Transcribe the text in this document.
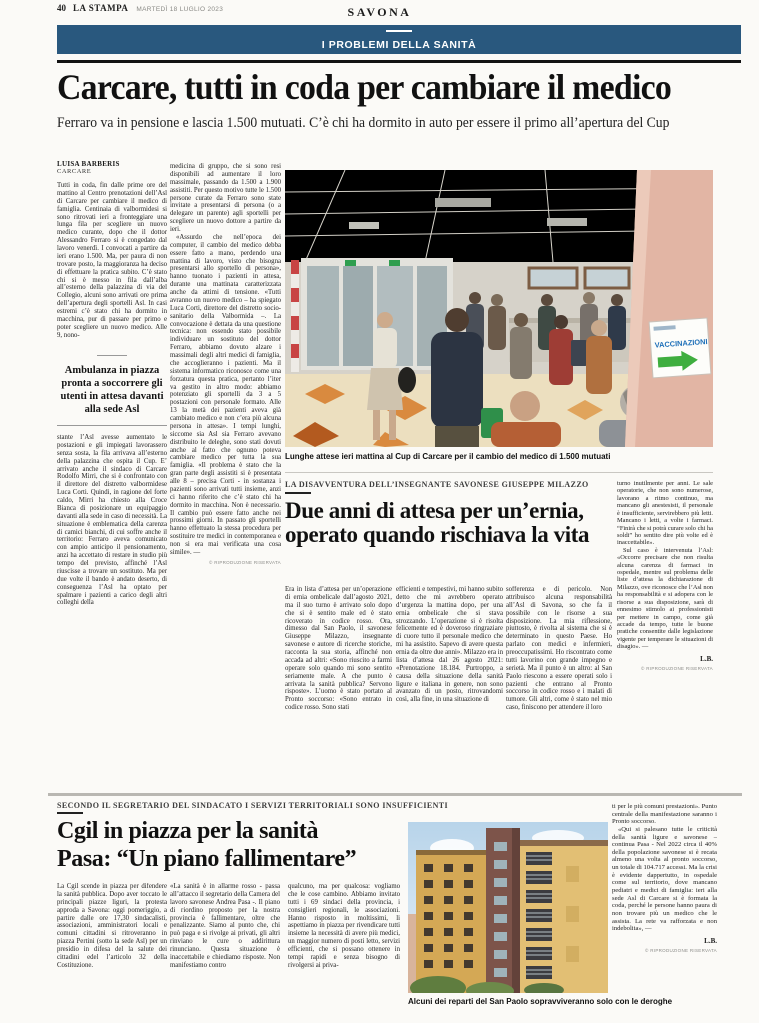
40 LA STAMPA MARTEDÌ 18 LUGLIO 2023	SAVONA
I PROBLEMI DELLA SANITÀ
Carcare, tutti in coda per cambiare il medico
Ferraro va in pensione e lascia 1.500 mutuati. C’è chi ha dormito in auto per essere il primo all’apertura del Cup
LUISA BARBERIS
CARCARE
Tutti in coda, fin dalle prime ore del mattino al Centro prenotazioni dell’Asl di Carcare per cambiare il medico di famiglia. Centinaia di valbormidesi si sono ritrovati ieri a fronteggiare una lunga fila per scegliere un nuovo medico curante, dopo che il dottor Alessandro Ferraro si è congedato dal lavoro venerdì. I convocati a partire da ieri erano 1.500. Ma, per paura di non trovare posto, la maggioranza ha deciso di effettuare la pratica subito. C’è stato chi si è messo in fila dall’alba all’esterno della palazzina di via del Collegio, alcuni sono arrivati ore prima dell’apertura degli sportelli Asl. In casi estremi c’è stato chi ha dormito in macchina, pur di passare per primo e poter scegliere un nuovo medico. Alle 9, nono-
Ambulanza in piazza pronta a soccorrere gli utenti in attesa davanti alla sede Asl
stante l’Asl avesse aumentato le postazioni e gli impiegati lavorassero senza sosta, la fila arrivava all’esterno della palazzina che ospita il Cup. E’ arrivato anche il sindaco di Carcare Rodolfo Mirri, che si è confrontato con il direttore del distretto valbormidese Luca Corti. Quindi, in ragione del forte caldo, Mirri ha chiesto alla Croce Bianca di posizionare un equipaggio davanti alla sede in caso di necessità. La situazione è emblematica della carenza di camici bianchi, di cui soffre anche il territorio: Ferraro aveva comunicato con ampio anticipo il pensionamento, anzi ha accettato di restare in studio più tempo del previsto, affinché l’Asl riuscisse a trovare un sostituto. Ma per due volte il bando è andato deserto, di conseguenza l’Asl ha optato per spalmare i pazienti a carico degli altri colleghi della
medicina di gruppo, che si sono resi disponibili ad aumentare il loro massimale, passando da 1.500 a 1.900 assistiti. Per questo motivo tutte le 1.500 persone curate da Ferraro sono state invitate a presentarsi di persona (o a delegare un parente) agli sportelli per scegliere un nuovo dottore a partire da ieri.
«Assurdo che nell’epoca dei computer, il cambio del medico debba essere fatto a mano, perdendo una mattina di lavoro, visto che bisogna presentarsi allo sportello di persona», hanno tuonato i pazienti in attesa, durante una mattinata caratterizzata anche da attimi di tensione. «Tutti avranno un nuovo medico – ha spiegato Luca Corti, direttore del distretto socio-sanitario della Valbormida –. La convocazione è dettata da una questione tecnica: non essendo stato possibile individuare un sostituto del dottor Ferraro, abbiamo dovuto alzare i massimali degli altri medici di famiglia, che accoglieranno i pazienti. Ma il sistema informatico riconosce come una forzatura questa pratica, pertanto l’iter va gestito in altro modo: abbiamo potenziato gli sportelli da 3 a 5 postazioni con personale formato. Alle 13 la metà dei pazienti aveva già cambiato medico e non c’era più alcuna persona in attesa». I tempi lunghi, siccome sia Asl sia Ferraro avevano distribuito le deleghe, sono stati dovuti anche al fatto che ognuno poteva cambiare medico per tutta la sua famiglia. «Il problema è stato che la gran parte degli assistiti si è presentata alle 8 – precisa Corti - in sostanza i pazienti sono arrivati tutti insieme, anzi ci hanno riferito che c’è stato chi ha dormito in macchina. Non è necessario. Il cambio può essere fatto anche nei prossimi giorni. In passato gli sportelli hanno effettuato la stessa procedura per sostituire tre medici in contemporanea e non si era mai verificata una cosa simile». —
© RIPRODUZIONE RISERVATA
VACCINAZIONI
Lunghe attese ieri mattina al Cup di Carcare per il cambio del medico di 1.500 mutuati
LA DISAVVENTURA DELL’INSEGNANTE SAVONESE GIUSEPPE MILAZZO
Due anni di attesa per un’ernia,
operato quando rischiava la vita
Era in lista d’attesa per un’operazione di ernia ombelicale dall’agosto 2021, ma il suo turno è arrivato solo dopo che si è sentito male ed è stato ricoverato in codice rosso. Ora, dimesso dal San Paolo, il savonese Giuseppe Milazzo, insegnante savonese e autore di ricerche storiche, racconta la sua storia, affinché non accada ad altri: «Sono riuscito a farmi operare solo quando mi sono sentito seriamente male. A che punto è arrivata la sanità pubblica? Servono risposte». L’uomo è stato portato al Pronto soccorso: «Sono entrato in codice rosso. Sono stati
efficienti e tempestivi, mi hanno subito detto che mi avrebbero operato d’urgenza la mattina dopo, per una ernia ombelicale che si stava strozzando. L’operazione si è risolta felicemente ed è doveroso ringraziare di cuore tutto il personale medico che mi ha assistito. Sapevo di avere questa ernia da oltre due anni». Milazzo era in lista d’attesa dal 26 agosto 2021: «Prenotazione 18.184. Purtroppo, a causa della situazione della sanità ligure e italiana in genere, non sono avanzato di un posto, ritrovandomi così, alla fine, in una situazione di
sofferenza e di pericolo. Non attribuisco alcuna responsabilità all’Asl di Savona, so che fa il possibile con le risorse a sua disposizione. La mia riflessione, piuttosto, è rivolta al sistema che si è determinato in questo Paese. Ho parlato con medici e infermieri, preoccupatissimi. Ho riscontrato come tutti lavorino con grande impegno e serietà. Ma il punto è un altro: al San Paolo riescono a essere operati solo i pazienti che entrano al Pronto soccorso in codice rosso e i malati di tumore. Gli altri, come è stato nel mio caso, finiscono per attendere il loro
turno inutilmente per anni. Le sale operatorie, che non sono numerose, lavorano a ritmo continuo, ma mancano gli anestesisti, il personale è insufficiente, servirebbero più letti. Mancano i letti, a volte i farmaci. “Finirà che si potrà curare solo chi ha soldi” ho sentito dire più volte ed è inaccettabile».
Sul caso è intervenuta l’Asl: «Occorre precisare che non risulta alcuna carenza di farmaci in ospedale, mentre sul problema delle liste d’attesa la dichiarazione di Milazzo, ove riconosce che l’Asl non ha responsabilità e si adopera con le risorse a sua disposizione, sarà di ennesimo stimolo ai professionisti per mettere in campo, come già accade da tempo, tutte le buone pratiche consentite dalle legislazione vigente per temperare le situazioni di disagio». —
L.B.
© RIPRODUZIONE RISERVATA
SECONDO IL SEGRETARIO DEL SINDACATO I SERVIZI TERRITORIALI SONO INSUFFICIENTI
Cgil in piazza per la sanità
Pasa: “Un piano fallimentare”
La Cgil scende in piazza per difendere la sanità pubblica. Dopo aver toccato le principali piazze liguri, la protesta approda a Savona: oggi pomeriggio, a partire dalle ore 17,30 sindacalisti, associazioni, amministratori locali e comuni cittadini si ritroveranno in piazza Pertini (sotto la sede Asl) per un presidio in difesa del la salute dei cittadini edel l’articolo 32 della Costituzione.
«La sanità è in allarme rosso - passa all’attacco il segretario della Camera del lavoro savonese Andrea Pasa -. Il piano di riordino proposto per la nostra provincia è fallimentare, oltre che penalizzante. Siamo al punto che, chi può paga e si rivolge ai privati, gli altri rinviano le cure o addirittura rinunciano. Questa situazione è inaccettabile e chiediamo risposte. Non manifestiamo contro
qualcuno, ma per qualcosa: vogliamo che le cose cambino. Abbiamo invitato tutti i 69 sindaci della provincia, i consiglieri regionali, le associazioni. Hanno risposto in moltissimi, li aspettiamo in piazza per rivendicare tutti insieme la necessità di avere più medici, un maggior numero di posti letto, servizi efficienti, che si possano ottenere in tempi rapidi e senza bisogno di rivolgersi ai priva-
ti per le più comuni prestazioni». Punto centrale della manifestazione saranno i Pronto soccorso.
«Qui si palesano tutte le criticità della sanità ligure e savonese – continua Pasa - Nel 2022 circa il 40% della popolazione savonese si è recata almeno una volta al pronto soccorso, un totale di 104.717 accessi. Ma la crisi è evidente dappertutto, in ospedale come sul territorio, dove mancano pediatri e medici di famiglia: ieri alla sede Asl di Carcare si è formata la coda, perché le persone hanno paura di non trovare più un medico che le assista. La rete va rafforzata e non indebolita», —
L.B.
© RIPRODUZIONE RISERVATA
Alcuni dei reparti del San Paolo sopravviveranno solo con le deroghe
